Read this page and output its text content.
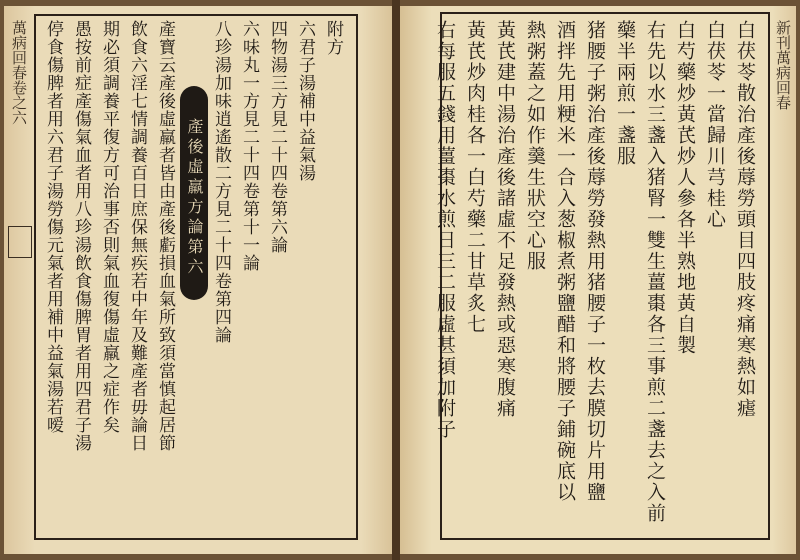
新刊萬病回春
白茯苓散治產後蓐勞頭目四肢疼痛寒熱如瘧
白茯苓一當歸川芎桂心
白芍藥炒黃芪炒人參各半熟地黃自製
右先以水三盞入猪腎一雙生薑棗各三事煎二盞去之入前
藥半兩煎一盞服
猪腰子粥治產後蓐勞發熱用猪腰子一枚去膜切片用鹽
酒拌先用粳米一合入葱椒煮粥鹽醋和將腰子鋪碗底以
熱粥蓋之如作羹生狀空心服
黃芪建中湯治產後諸虛不足發熱或惡寒腹痛
黃芪炒肉桂各一白芍藥二甘草炙七
右每服五錢用薑棗水煎日三二服虛甚須加附子
萬病回春卷之六	附方
六君子湯補中益氣湯
四物湯三方見二十四卷第六論
六味丸一方見二十四卷第十一論
八珍湯加味逍遙散二方見二十四卷第四論
產後虛羸方論第六
產寶云產後虛羸者皆由產後虧損血氣所致須當慎起居節
飲食六淫七情調養百日庶保無疾若中年及難產者毋論日
期必須調養平復方可治事否則氣血復傷虛羸之症作矣
愚按前症產傷氣血者用八珍湯飲食傷脾胃者用四君子湯
停食傷脾者用六君子湯勞傷元氣者用補中益氣湯若嗳
